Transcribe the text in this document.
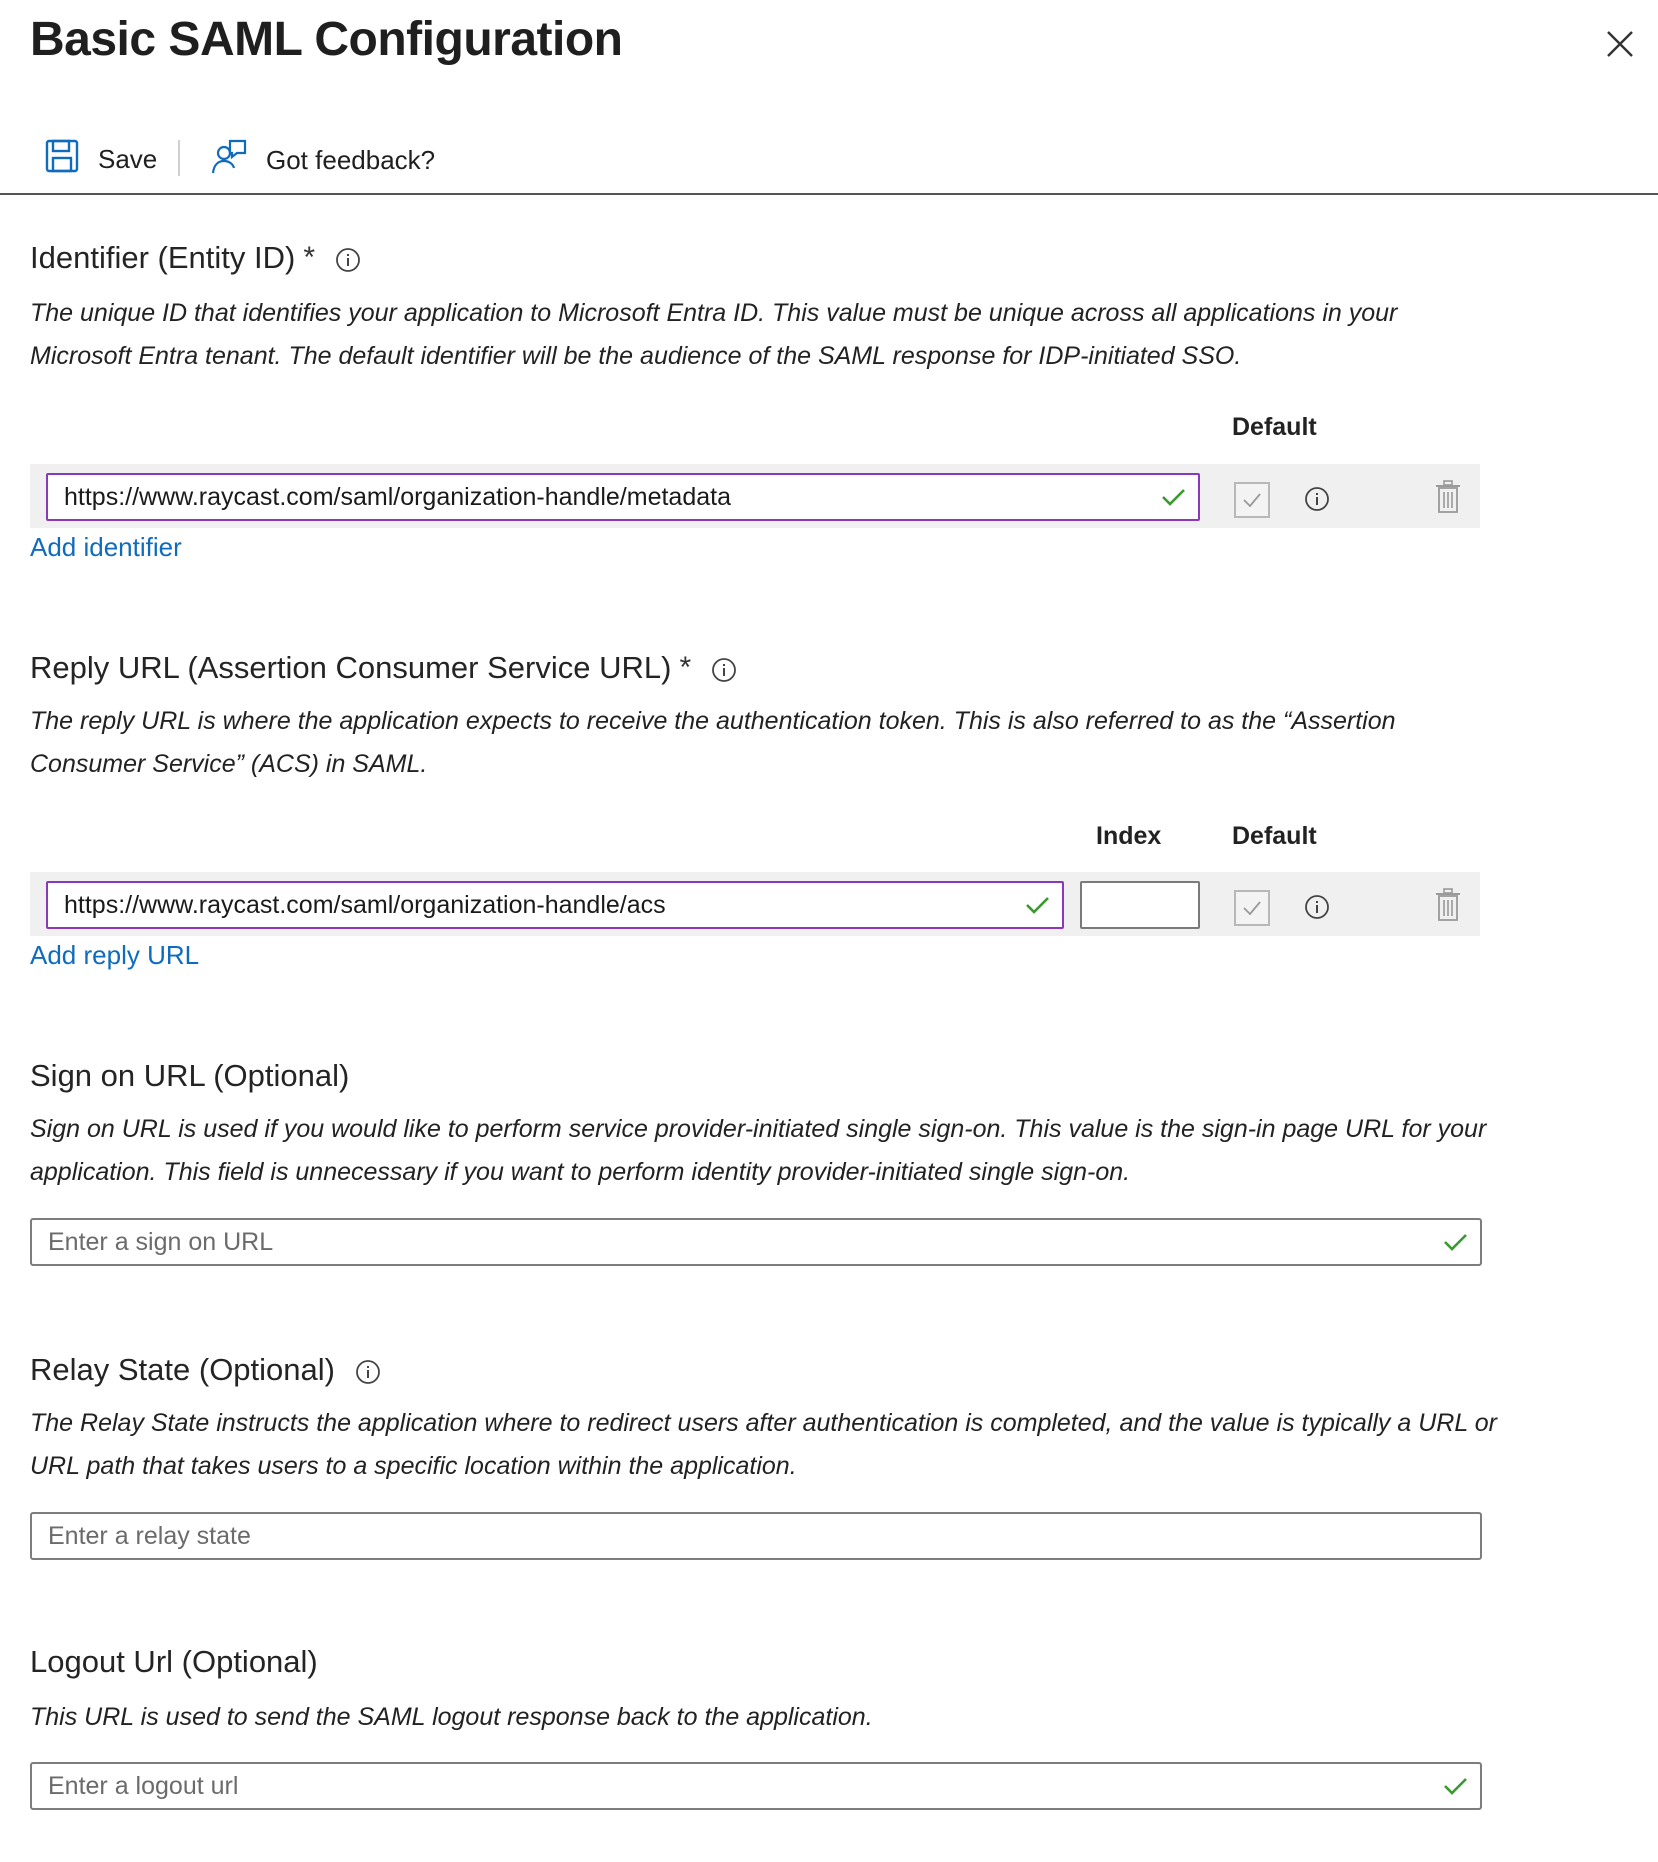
Basic SAML Configuration
Save	Got feedback?
Identifier (Entity ID) *
The unique ID that identifies your application to Microsoft Entra ID. This value must be unique across all applications in your Microsoft Entra tenant. The default identifier will be the audience of the SAML response for IDP-initiated SSO.
Default
https://www.raycast.com/saml/organization-handle/metadata
Add identifier
Reply URL (Assertion Consumer Service URL) *
The reply URL is where the application expects to receive the authentication token. This is also referred to as the “Assertion Consumer Service” (ACS) in SAML.
Index	Default
https://www.raycast.com/saml/organization-handle/acs
Add reply URL
Sign on URL (Optional)
Sign on URL is used if you would like to perform service provider-initiated single sign-on. This value is the sign-in page URL for your application. This field is unnecessary if you want to perform identity provider-initiated single sign-on.
Enter a sign on URL
Relay State (Optional)
The Relay State instructs the application where to redirect users after authentication is completed, and the value is typically a URL or URL path that takes users to a specific location within the application.
Enter a relay state
Logout Url (Optional)
This URL is used to send the SAML logout response back to the application.
Enter a logout url
